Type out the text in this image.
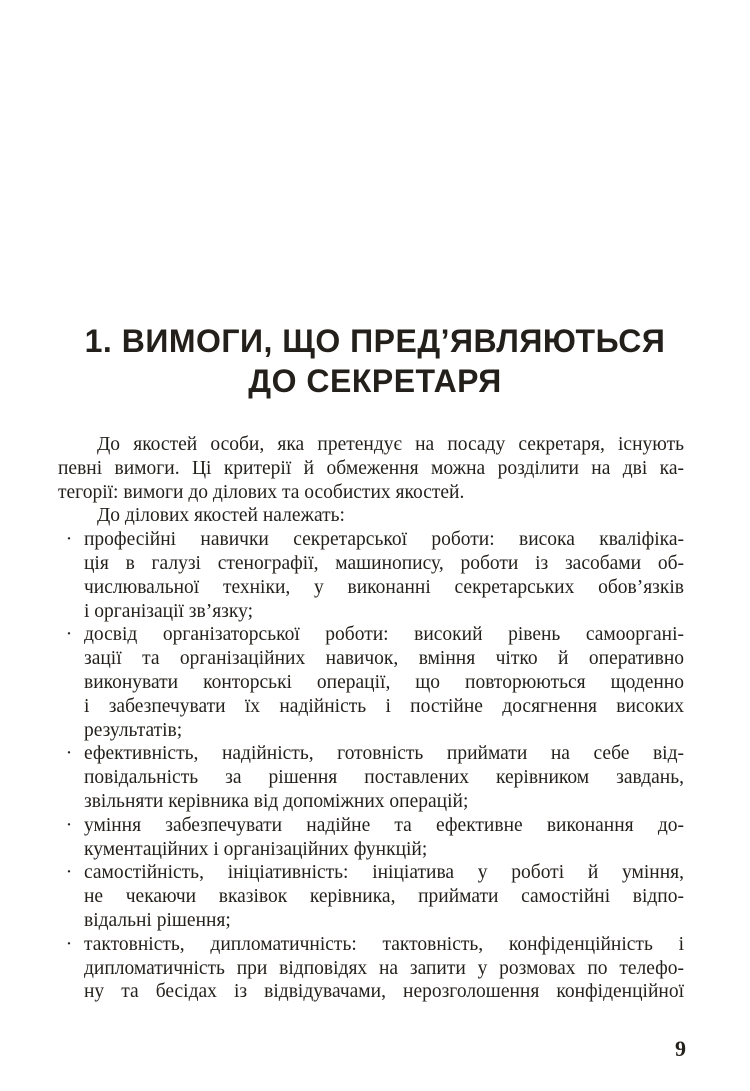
1. ВИМОГИ, ЩО ПРЕД’ЯВЛЯЮТЬСЯ
ДО СЕКРЕТАРЯ

До якостей особи, яка претендує на посаду секретаря, існують
певні вимоги. Ці критерії й обмеження можна розділити на дві ка-
тегорії: вимоги до ділових та особистих якостей.

До ділових якостей належать:

· професійні навички секретарської роботи: висока кваліфіка-
ція в галузі стенографії, машинопису, роботи із засобами об-
числювальної техніки, у виконанні секретарських обов’язків
і організації зв’язку;
· досвід організаторської роботи: високий рівень самооргані-
зації та організаційних навичок, вміння чітко й оперативно
виконувати конторські операції, що повторюються щоденно
і забезпечувати їх надійність і постійне досягнення високих
результатів;
· ефективність, надійність, готовність приймати на себе від-
повідальність за рішення поставлених керівником завдань,
звільняти керівника від допоміжних операцій;
· уміння забезпечувати надійне та ефективне виконання до-
кументаційних і організаційних функцій;
· самостійність, ініціативність: ініціатива у роботі й уміння,
не чекаючи вказівок керівника, приймати самостійні відпо-
відальні рішення;
· тактовність, дипломатичність: тактовність, конфіденційність і
дипломатичність при відповідях на запити у розмовах по телефо-
ну та бесідах із відвідувачами, нерозголошення конфіденційної
9
